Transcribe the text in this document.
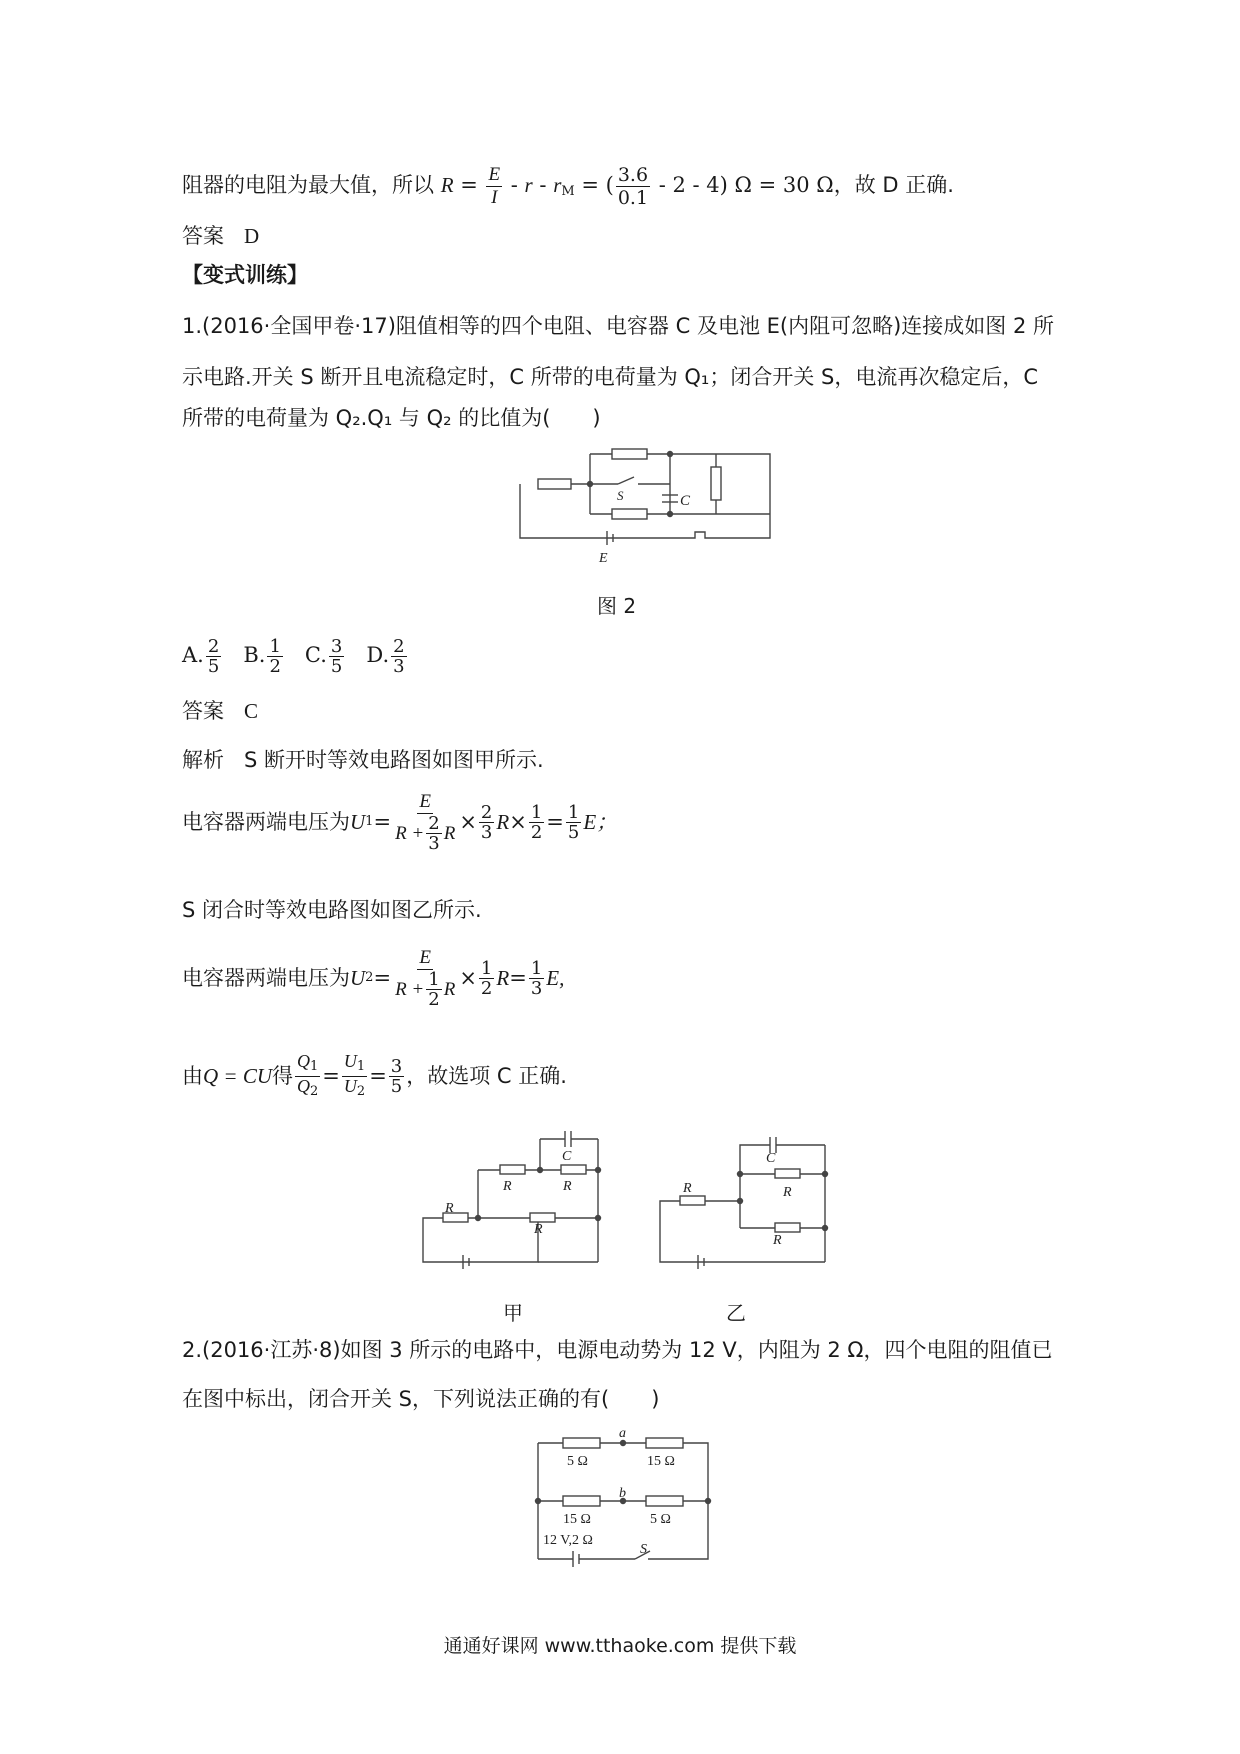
阻器的电阻为最大值，所以 $R = \frac{E}{I} - r - r_M$ = ( $\frac{3.6}{0.1} - 2 - 4$) Ω = 30 Ω，故 D 正确.
答案 D
【变式训练】
1.(2016·全国甲卷·17)阻值相等的四个电阻、电容器 C 及电池 E(内阻可忽略)连接成如图 2 所
示电路.开关 S 断开且电流稳定时，C 所带的电荷量为 Q₁；闭合开关 S，电流再次稳定后，C
所带的电荷量为 Q₂.Q₁ 与 Q₂ 的比值为(　　)
S	C
E
图 2
A. $\frac{2}{5} B$. $\frac{1}{2} C$. $\frac{3}{5} D$. $\frac{2}{3}$
答案 C
解析 S 断开时等效电路图如图甲所示.
电容器两端电压为 U $1 = \frac{E}{R + \frac{2}{3} R} \times \frac{2}{3}$ $R \times \frac{1}{2} = \frac{1}{5}$ E；
S 闭合时等效电路图如图乙所示.
电容器两端电压为 U $2 = \frac{E}{R + \frac{1}{2} R} \times \frac{1}{2}$ $R = \frac{1}{3} E$,
由 Q = CU 得 $\frac{Q_1}{Q_2} = \frac{U_1}{U_2} = \frac{3}{5}$ ，故选项 C 正确.
C
R	R
R
R
甲
C
R	R
R
乙
2.(2016·江苏·8)如图 3 所示的电路中，电源电动势为 12 V，内阻为 2 Ω，四个电阻的阻值已
在图中标出，闭合开关 S，下列说法正确的有(　　)
a
b
5 Ω	15 Ω
15 Ω	5 Ω
12 V,2 Ω
S
通通好课网 www.tthaoke.com 提供下载
